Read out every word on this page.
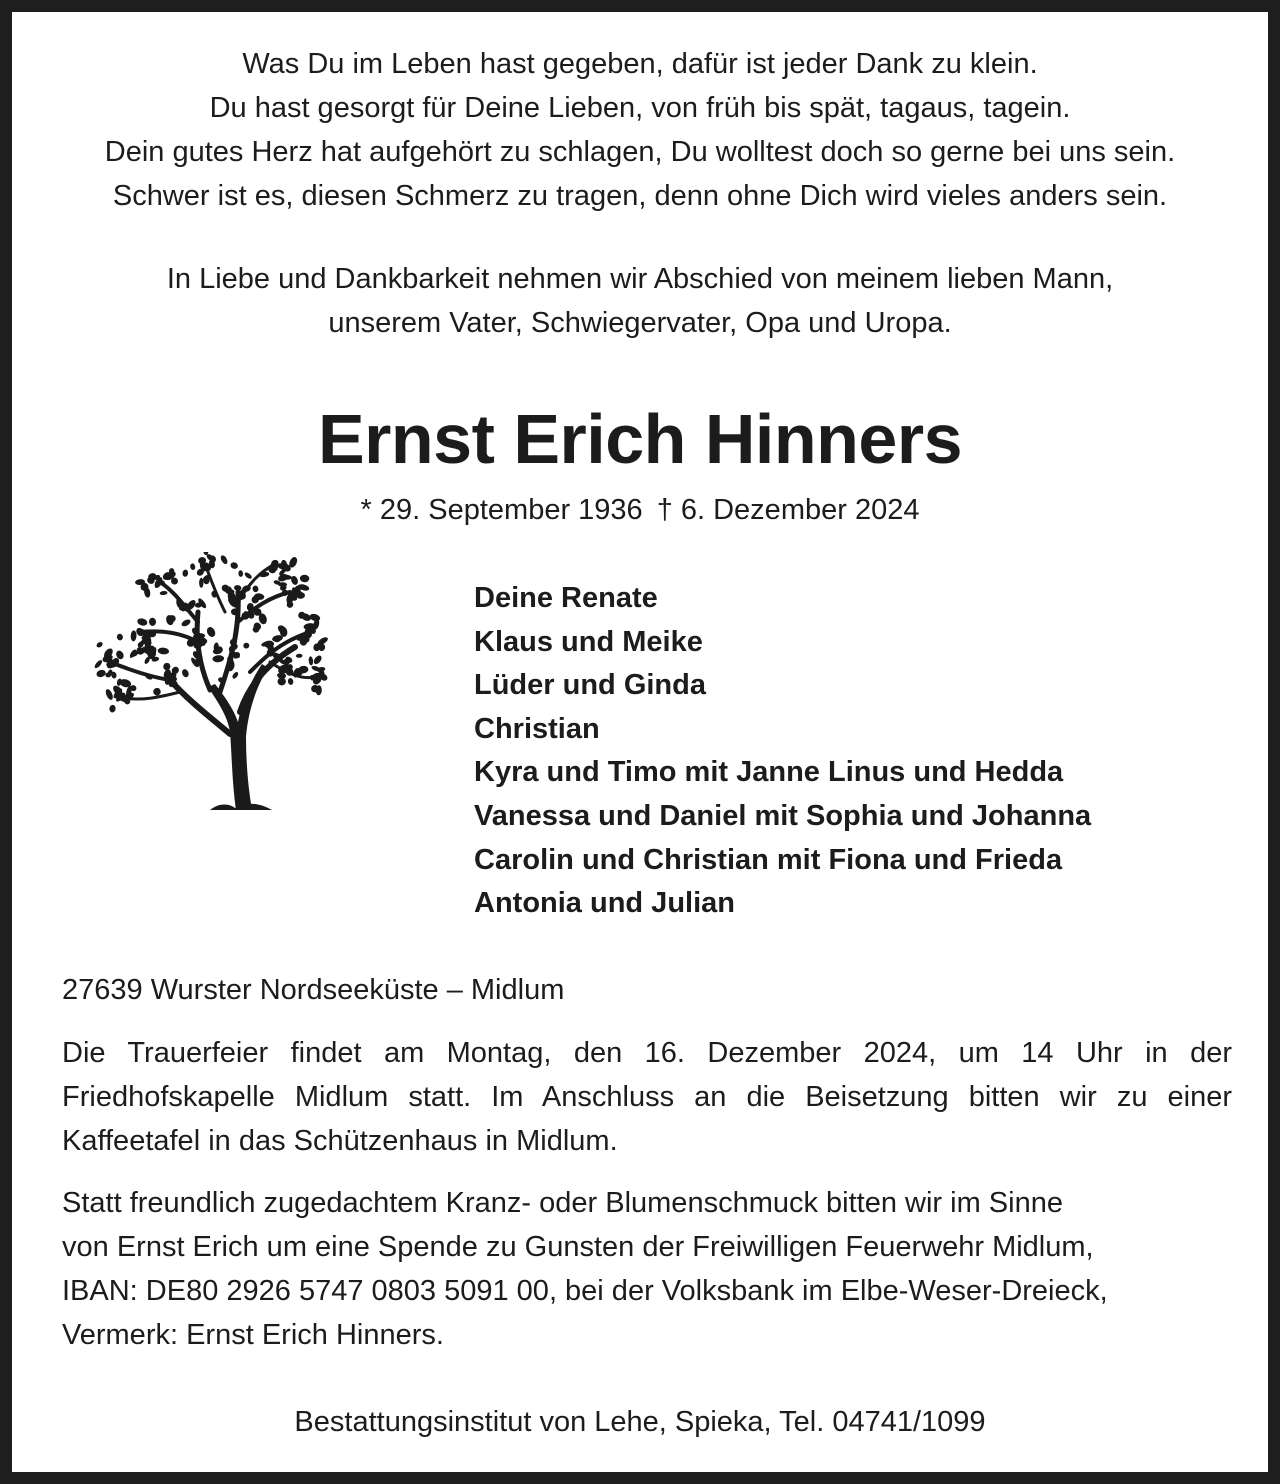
Was Du im Leben hast gegeben, dafür ist jeder Dank zu klein.
Du hast gesorgt für Deine Lieben, von früh bis spät, tagaus, tagein.
Dein gutes Herz hat aufgehört zu schlagen, Du wolltest doch so gerne bei uns sein.
Schwer ist es, diesen Schmerz zu tragen, denn ohne Dich wird vieles anders sein.
In Liebe und Dankbarkeit nehmen wir Abschied von meinem lieben Mann,
unserem Vater, Schwiegervater, Opa und Uropa.
Ernst Erich Hinners
* 29. September 1936 † 6. Dezember 2024
Deine Renate
Klaus und Meike
Lüder und Ginda
Christian
Kyra und Timo mit Janne Linus und Hedda
Vanessa und Daniel mit Sophia und Johanna
Carolin und Christian mit Fiona und Frieda
Antonia und Julian
27639 Wurster Nordseeküste – Midlum
Die Trauerfeier findet am Montag, den 16. Dezember 2024, um 14 Uhr in der Friedhofskapelle Midlum statt. Im Anschluss an die Beisetzung bitten wir zu einer Kaffeetafel in das Schützenhaus in Midlum.
Statt freundlich zugedachtem Kranz- oder Blumenschmuck bitten wir im Sinne
von Ernst Erich um eine Spende zu Gunsten der Freiwilligen Feuerwehr Midlum,
IBAN: DE80 2926 5747 0803 5091 00, bei der Volksbank im Elbe-Weser-Dreieck,
Vermerk: Ernst Erich Hinners.
Bestattungsinstitut von Lehe, Spieka, Tel. 04741/1099
